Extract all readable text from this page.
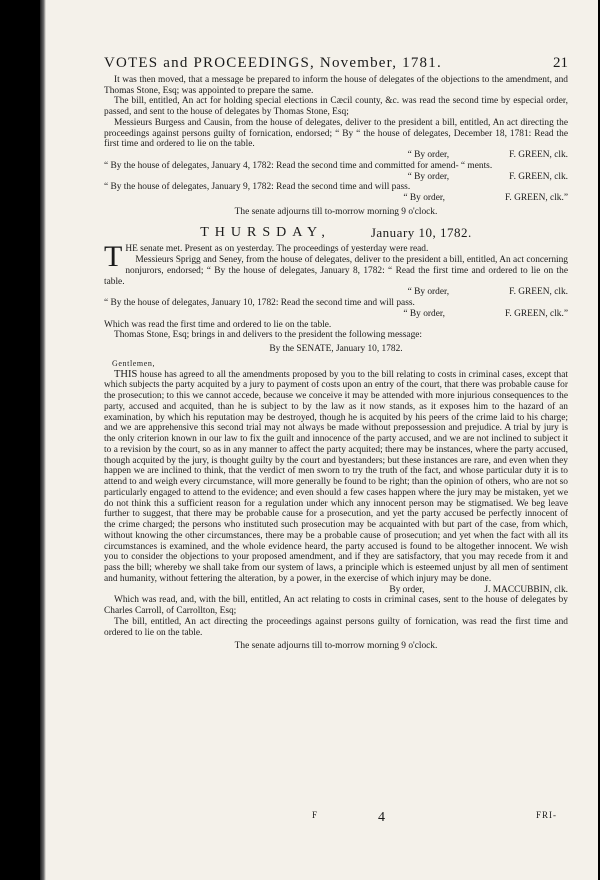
VOTES and PROCEEDINGS, November, 1781.	21

It was then moved, that a message be prepared to inform the house of delegates of the objections to the amendment, and Thomas Stone, Esq; was appointed to prepare the same.

The bill, entitled, An act for holding special elections in Cæcil county, &c. was read the second time by especial order, passed, and sent to the house of delegates by Thomas Stone, Esq;

Messieurs Burgess and Causin, from the house of delegates, deliver to the president a bill, entitled, An act directing the proceedings against persons guilty of fornication, endorsed; “ By “ the house of delegates, December 18, 1781: Read the first time and ordered to lie on the table.

“ By order,	F. GREEN, clk.

“ By the house of delegates, January 4, 1782: Read the second time and committed for amend- “ ments.

“ By order,	F. GREEN, clk.

“ By the house of delegates, January 9, 1782: Read the second time and will pass.

“ By order,	F. GREEN, clk.”

The senate adjourns till to-morrow morning 9 o'clock.

THURSDAY,	January 10, 1782.

THE senate met. Present as on yesterday. The proceedings of yesterday were read.

Messieurs Sprigg and Seney, from the house of delegates, deliver to the president a bill, entitled, An act concerning nonjurors, endorsed; “ By the house of delegates, January 8, 1782: “ Read the first time and ordered to lie on the table.

“ By order,	F. GREEN, clk.

“ By the house of delegates, January 10, 1782: Read the second time and will pass.

“ By order,	F. GREEN, clk.”

Which was read the first time and ordered to lie on the table.

Thomas Stone, Esq; brings in and delivers to the president the following message:

By the SENATE, January 10, 1782.

Gentlemen,

THIS house has agreed to all the amendments proposed by you to the bill relating to costs in criminal cases, except that which subjects the party acquited by a jury to payment of costs upon an entry of the court, that there was probable cause for the prosecution; to this we cannot accede, because we conceive it may be attended with more injurious consequences to the party, accused and acquited, than he is subject to by the law as it now stands, as it exposes him to the hazard of an examination, by which his reputation may be destroyed, though he is acquited by his peers of the crime laid to his charge; and we are apprehensive this second trial may not always be made without prepossession and prejudice. A trial by jury is the only criterion known in our law to fix the guilt and innocence of the party accused, and we are not inclined to subject it to a revision by the court, so as in any manner to affect the party acquited; there may be instances, where the party accused, though acquited by the jury, is thought guilty by the court and byestanders; but these instances are rare, and even when they happen we are inclined to think, that the verdict of men sworn to try the truth of the fact, and whose particular duty it is to attend to and weigh every circumstance, will more generally be found to be right; than the opinion of others, who are not so particularly engaged to attend to the evidence; and even should a few cases happen where the jury may be mistaken, yet we do not think this a sufficient reason for a regulation under which any innocent person may be stigmatised. We beg leave further to suggest, that there may be probable cause for a prosecution, and yet the party accused be perfectly innocent of the crime charged; the persons who instituted such prosecution may be acquainted with but part of the case, from which, without knowing the other circumstances, there may be a probable cause of prosecution; and yet when the fact with all its circumstances is examined, and the whole evidence heard, the party accused is found to be altogether innocent. We wish you to consider the objections to your proposed amendment, and if they are satisfactory, that you may recede from it and pass the bill; whereby we shall take from our system of laws, a principle which is esteemed unjust by all men of sentiment and humanity, without fettering the alteration, by a power, in the exercise of which injury may be done.

By order,	J. MACCUBBIN, clk.

Which was read, and, with the bill, entitled, An act relating to costs in criminal cases, sent to the house of delegates by Charles Carroll, of Carrollton, Esq;

The bill, entitled, An act directing the proceedings against persons guilty of fornication, was read the first time and ordered to lie on the table.

The senate adjourns till to-morrow morning 9 o'clock.

F	4	FRI-
